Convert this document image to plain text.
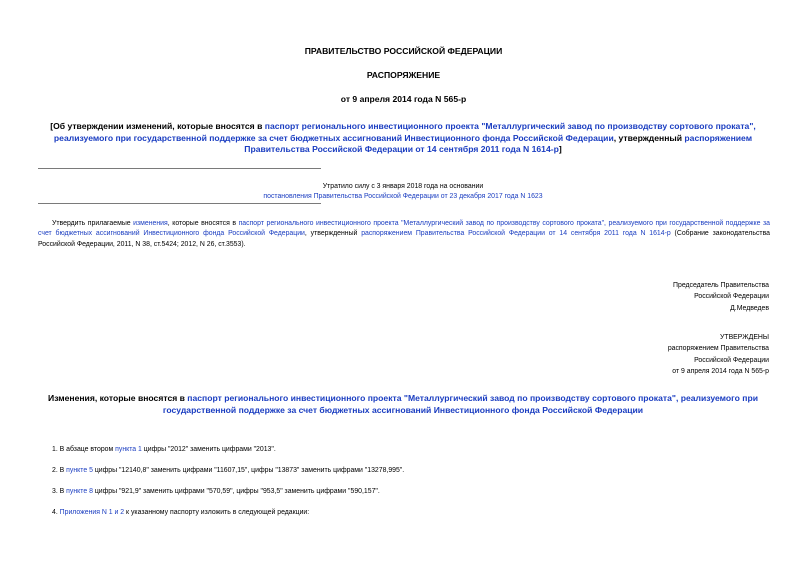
ПРАВИТЕЛЬСТВО РОССИЙСКОЙ ФЕДЕРАЦИИ
РАСПОРЯЖЕНИЕ
от 9 апреля 2014 года N 565-р
[Об утверждении изменений, которые вносятся в паспорт регионального инвестиционного проекта "Металлургический завод по производству сортового проката", реализуемого при государственной поддержке за счет бюджетных ассигнований Инвестиционного фонда Российской Федерации, утвержденный распоряжением Правительства Российской Федерации от 14 сентября 2011 года N 1614-р]
Утратило силу с 3 января 2018 года на основании
постановления Правительства Российской Федерации от 23 декабря 2017 года N 1623
Утвердить прилагаемые изменения, которые вносятся в паспорт регионального инвестиционного проекта "Металлургический завод по производству сортового проката", реализуемого при государственной поддержке за счет бюджетных ассигнований Инвестиционного фонда Российской Федерации, утвержденный распоряжением Правительства Российской Федерации от 14 сентября 2011 года N 1614-р (Собрание законодательства Российской Федерации, 2011, N 38, ст.5424; 2012, N 26, ст.3553).
Председатель Правительства
Российской Федерации
Д.Медведев
УТВЕРЖДЕНЫ
распоряжением Правительства
Российской Федерации
от 9 апреля 2014 года N 565-р
Изменения, которые вносятся в паспорт регионального инвестиционного проекта "Металлургический завод по производству сортового проката", реализуемого при государственной поддержке за счет бюджетных ассигнований Инвестиционного фонда Российской Федерации
1. В абзаце втором пункта 1 цифры "2012" заменить цифрами "2013".
2. В пункте 5 цифры "12140,8" заменить цифрами "11607,15", цифры "13873" заменить цифрами "13278,995".
3. В пункте 8 цифры "921,9" заменить цифрами "570,59", цифры "953,5" заменить цифрами "590,157".
4. Приложения N 1 и 2 к указанному паспорту изложить в следующей редакции:
